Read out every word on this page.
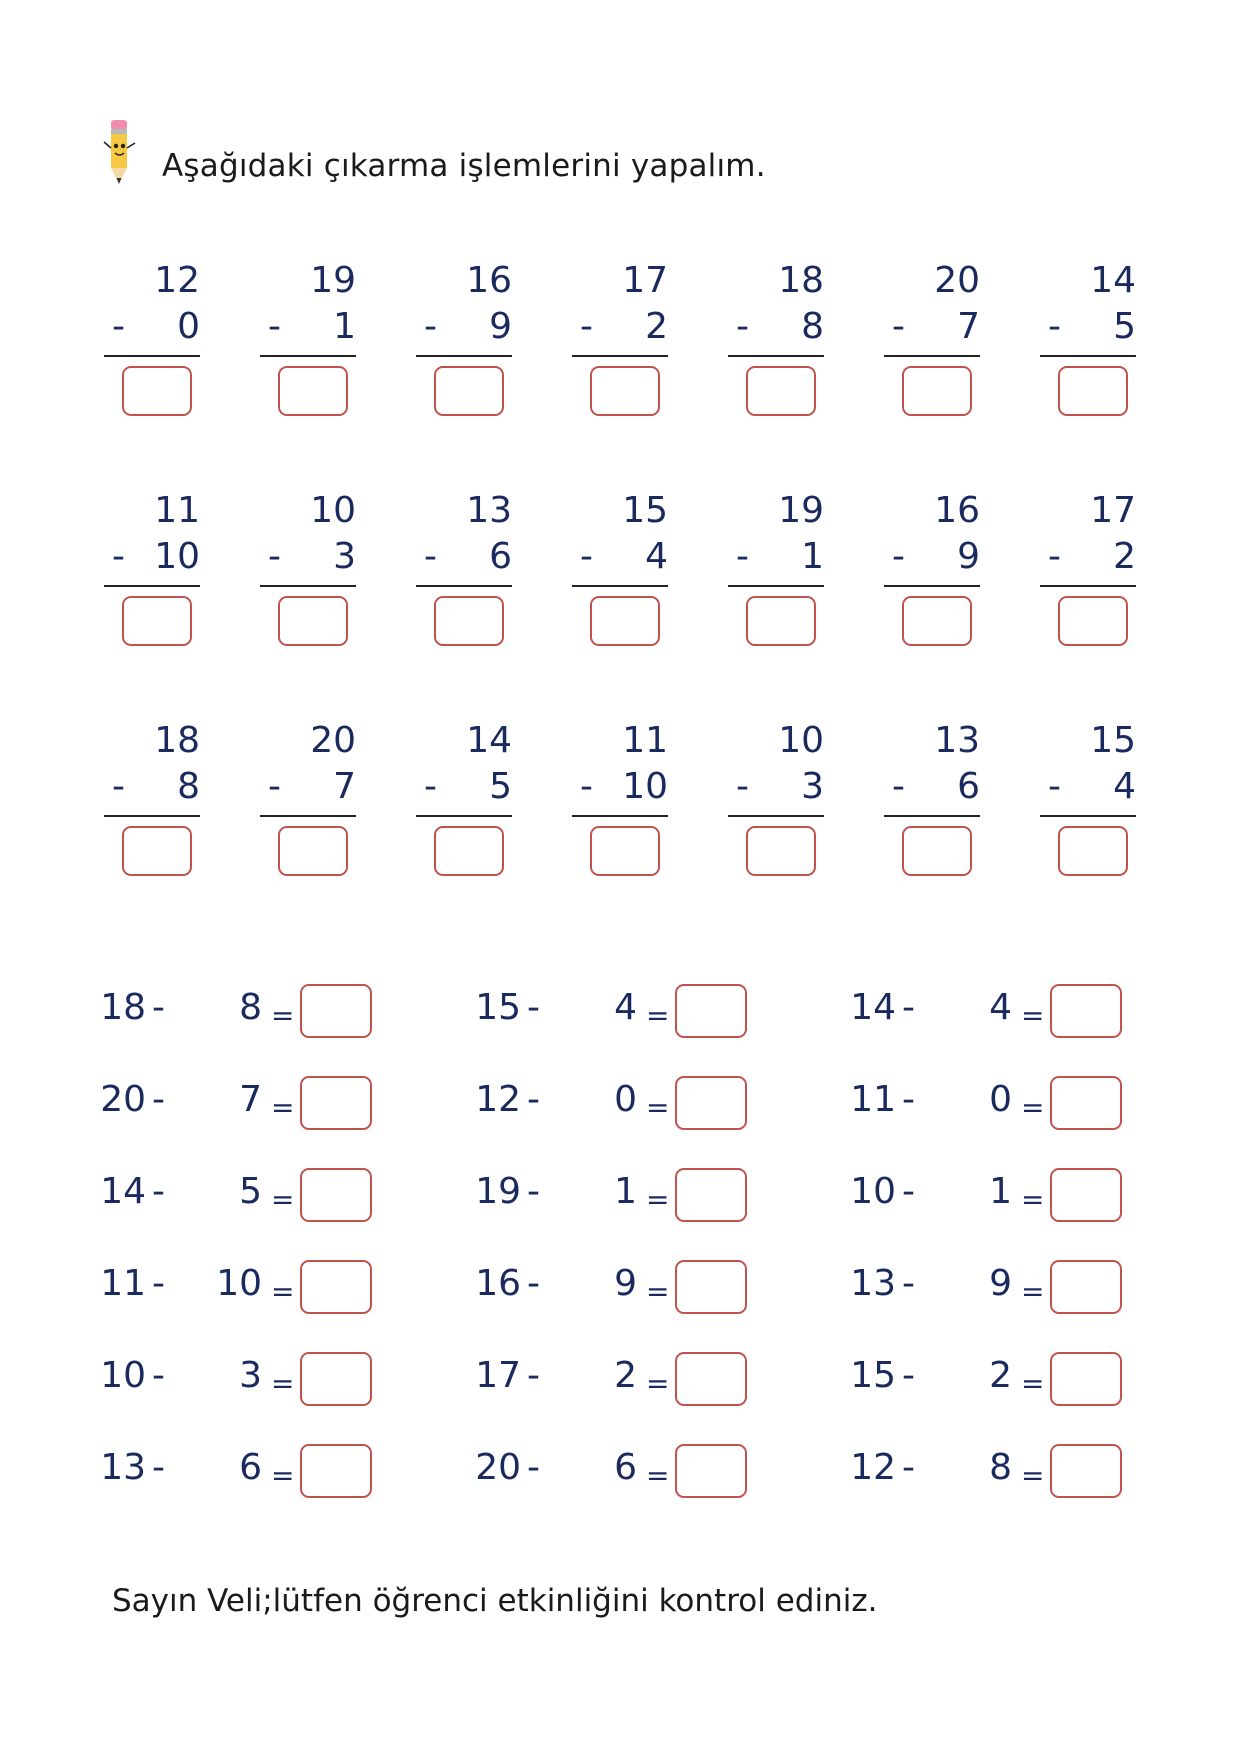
Aşağıdaki çıkarma işlemlerini yapalım.
12
- 0
19
- 1
16
- 9
17
- 2
18
- 8
20
- 7
14
- 5
11
- 10
10
- 3
13
- 6
15
- 4
19
- 1
16
- 9
17
- 2
18
- 8
20
- 7
14
- 5
11
- 10
10
- 3
13
- 6
15
- 4
18 - 8 =
20 - 7 =
14 - 5 =
11 - 10 =
10 - 3 =
13 - 6 =
15 - 4 =
12 - 0 =
19 - 1 =
16 - 9 =
17 - 2 =
20 - 6 =
14 - 4 =
11 - 0 =
10 - 1 =
13 - 9 =
15 - 2 =
12 - 8 =
Sayın Veli;lütfen öğrenci etkinliğini kontrol ediniz.
